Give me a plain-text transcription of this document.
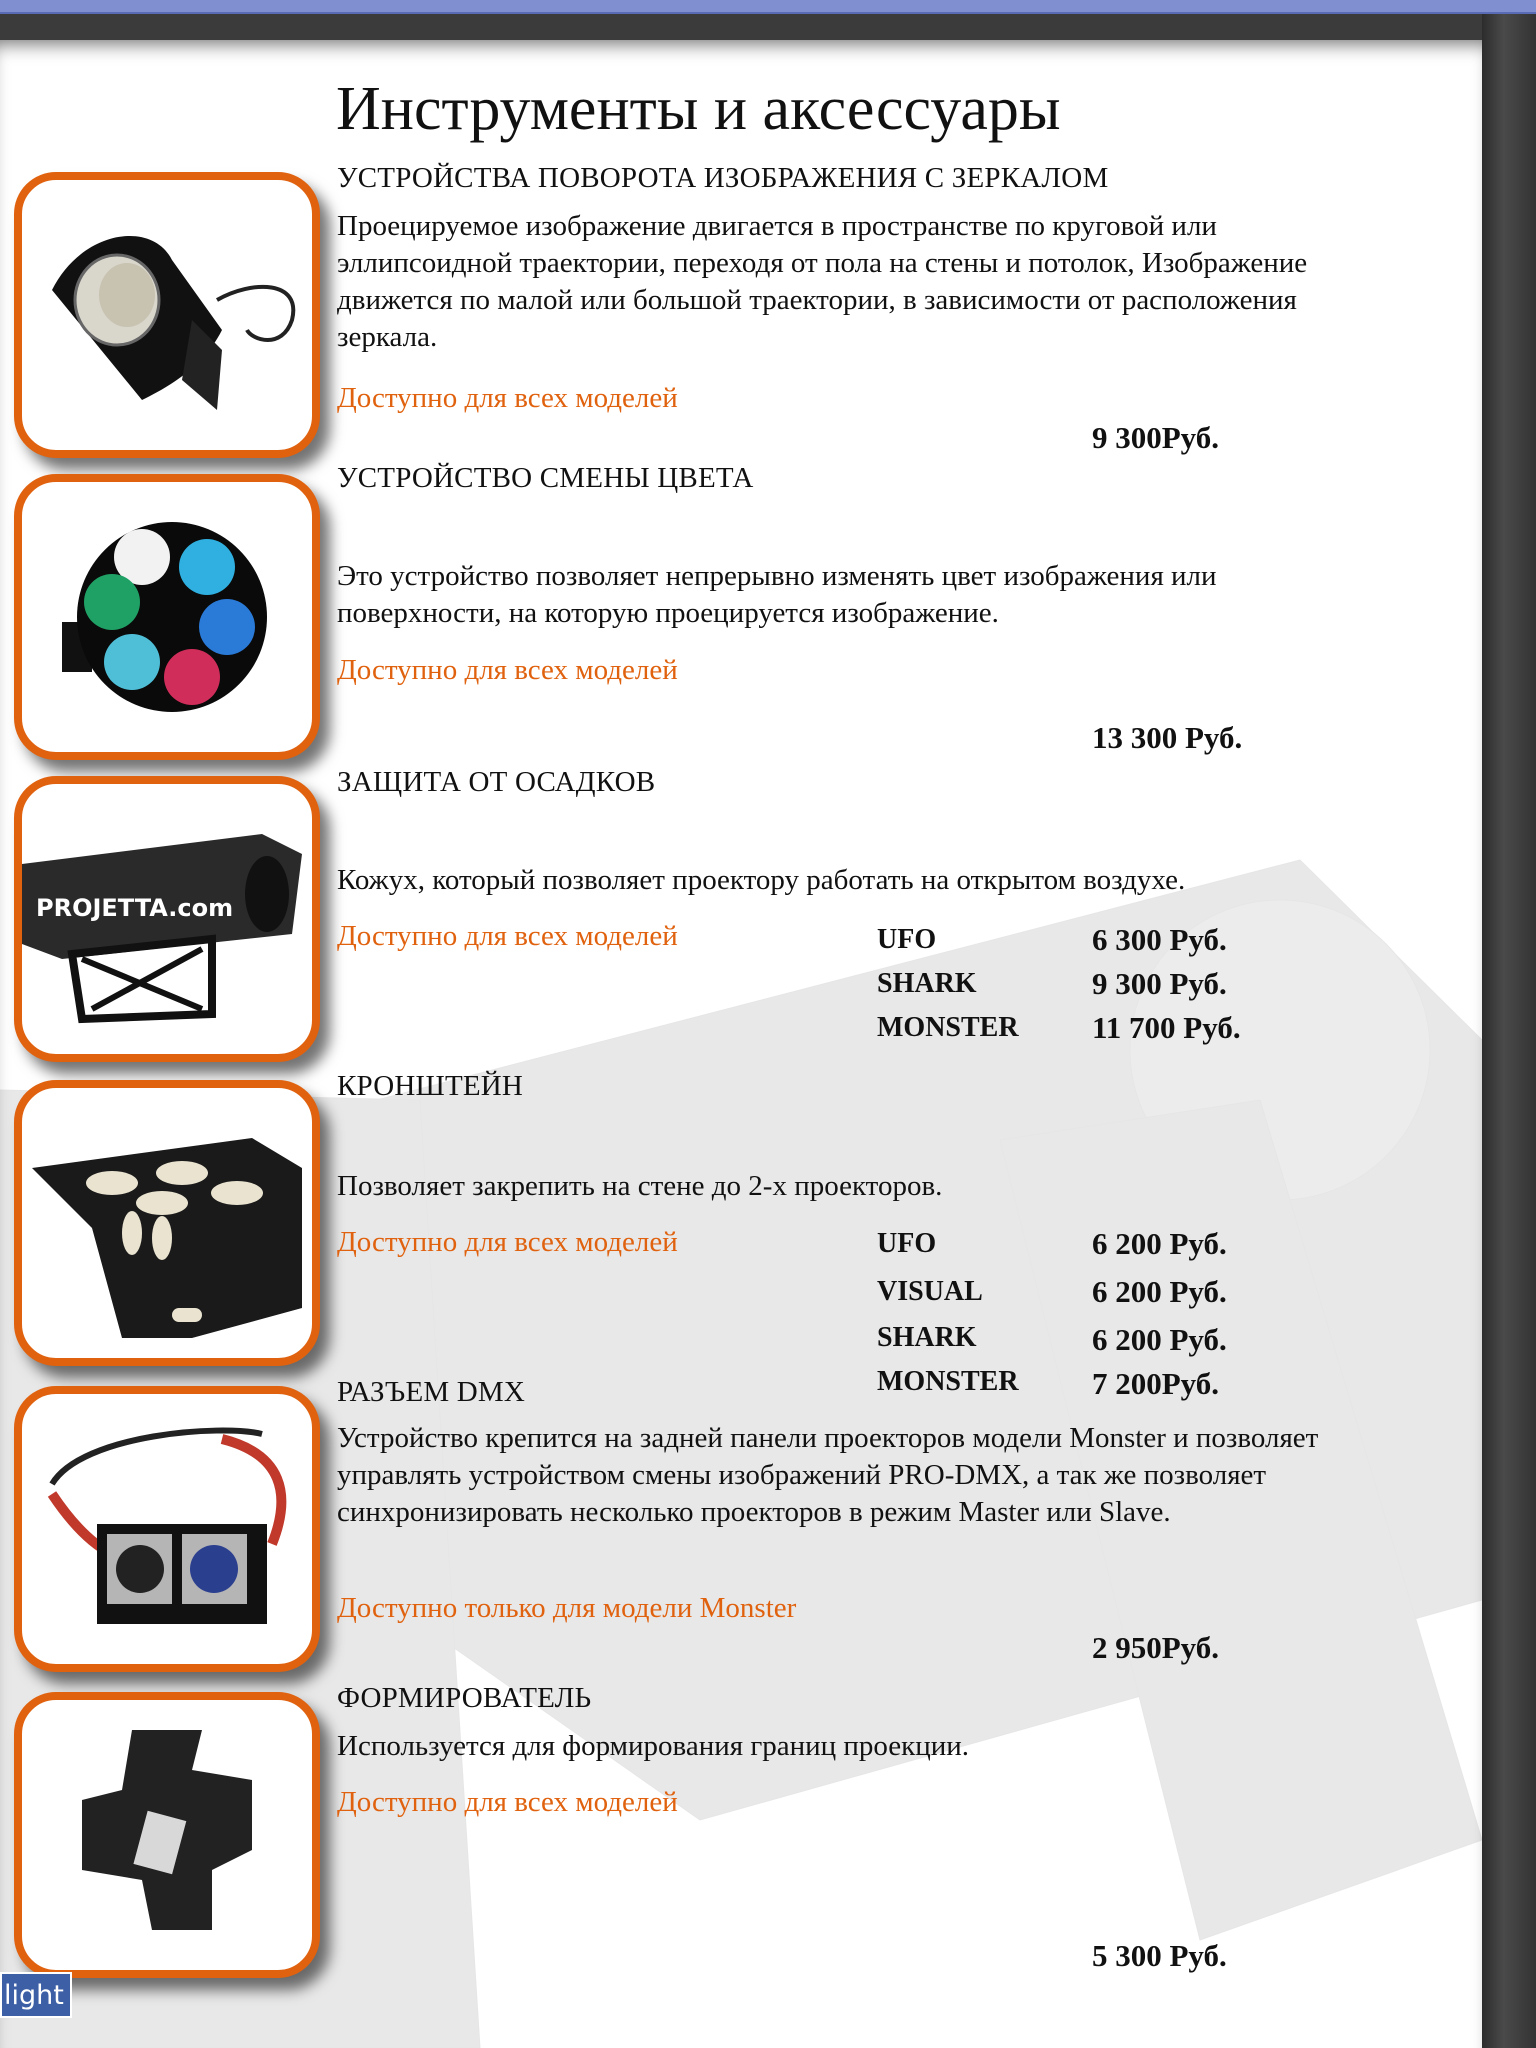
Инструменты и аксессуары
УСТРОЙСТВА ПОВОРОТА ИЗОБРАЖЕНИЯ С ЗЕРКАЛОМ
Проецируемое изображение двигается в пространстве по круговой или эллипсоидной траектории, переходя от пола на стены и потолок, Изображение движется по малой или большой траектории, в зависимости от расположения зеркала.
Доступно для всех моделей
9 300Руб.
УСТРОЙСТВО СМЕНЫ ЦВЕТА
Это устройство позволяет непрерывно изменять цвет изображения или поверхности, на которую проецируется изображение.
Доступно для всех моделей
13 300 Руб.
PROJETTA.com
ЗАЩИТА ОТ ОСАДКОВ
Кожух, который позволяет проектору работать на открытом воздухе.
Доступно для всех моделей	UFO	6 300 Руб.
SHARK	9 300 Руб.
MONSTER 11 700 Руб.
КРОНШТЕЙН
Позволяет закрепить на стене до 2-х проекторов.
Доступно для всех моделей	UFO	6 200 Руб.
VISUAL	6 200 Руб.
SHARK	6 200 Руб.
MONSTER 7 200Руб.
РАЗЪЕМ DMX
Устройство крепится на задней панели проекторов модели Monster и позволяет управлять устройством смены изображений PRO-DMX, а так же позволяет синхронизировать несколько проекторов в режим Master или Slave.
Доступно только для модели Monster
2 950Руб.
ФОРМИРОВАТЕЛЬ
Используется для формирования границ проекции.
Доступно для всех моделей
5 300 Руб.
light
